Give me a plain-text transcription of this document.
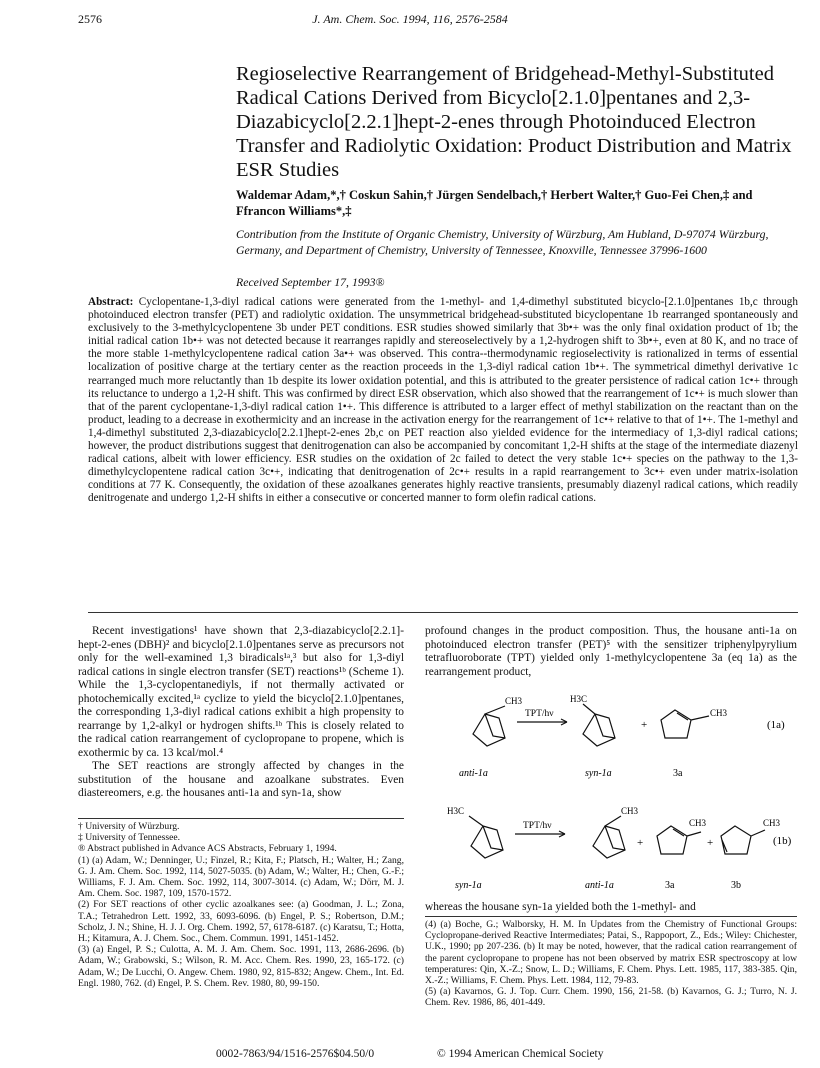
2576	J. Am. Chem. Soc. 1994, 116, 2576-2584
Regioselective Rearrangement of Bridgehead-Methyl-Substituted Radical Cations Derived from Bicyclo[2.1.0]pentanes and 2,3-Diazabicyclo[2.2.1]hept-2-enes through Photoinduced Electron Transfer and Radiolytic Oxidation: Product Distribution and Matrix ESR Studies
Waldemar Adam,*,† Coskun Sahin,† Jürgen Sendelbach,† Herbert Walter,† Guo-Fei Chen,‡ and Ffrancon Williams*,‡
Contribution from the Institute of Organic Chemistry, University of Würzburg, Am Hubland, D-97074 Würzburg, Germany, and Department of Chemistry, University of Tennessee, Knoxville, Tennessee 37996-1600
Received September 17, 1993®
Abstract: Cyclopentane-1,3-diyl radical cations were generated from the 1-methyl- and 1,4-dimethyl substituted bicyclo-[2.1.0]pentanes 1b,c through photoinduced electron transfer (PET) and radiolytic oxidation. The unsymmetrical bridgehead-substituted bicyclopentane 1b rearranged spontaneously and exclusively to the 3-methylcyclopentene 3b under PET conditions. ESR studies showed similarly that 3b•+ was the only final oxidation product of 1b; the initial radical cation 1b•+ was not detected because it rearranges rapidly and stereoselectively by a 1,2-hydrogen shift to 3b•+, even at 80 K, and no trace of the more stable 1-methylcyclopentene radical cation 3a•+ was observed. This contra--thermodynamic regioselectivity is rationalized in terms of essential localization of positive charge at the tertiary center as the reaction proceeds in the 1,3-diyl radical cation 1b•+. The symmetrical dimethyl derivative 1c rearranged much more reluctantly than 1b despite its lower oxidation potential, and this is attributed to the greater persistence of radical cation 1c•+ through its reluctance to undergo a 1,2-H shift. This was confirmed by direct ESR observation, which also showed that the rearrangement of 1c•+ is much slower than that of the parent cyclopentane-1,3-diyl radical cation 1•+. This difference is attributed to a larger effect of methyl stabilization on the reactant than on the product, leading to a decrease in exothermicity and an increase in the activation energy for the rearrangement of 1c•+ relative to that of 1•+. The 1-methyl and 1,4-dimethyl substituted 2,3-diazabicyclo[2.2.1]hept-2-enes 2b,c on PET reaction also yielded evidence for the intermediacy of 1,3-diyl radical cations; however, the product distributions suggest that denitrogenation can also be accompanied by concomitant 1,2-H shifts at the stage of the intermediate diazenyl radical cations, albeit with lower efficiency. ESR studies on the oxidation of 2c failed to detect the very stable 1c•+ species on the pathway to the 1,3-dimethylcyclopentene radical cation 3c•+, indicating that denitrogenation of 2c•+ results in a rapid rearrangement to 3c•+ even under matrix-isolation conditions at 77 K. Consequently, the oxidation of these azoalkanes generates highly reactive transients, presumably diazenyl radical cations, which readily denitrogenate and undergo 1,2-H shifts in either a consecutive or concerted manner to form olefin radical cations.

Recent investigations¹ have shown that 2,3-diazabicyclo[2.2.1]-hept-2-enes (DBH)² and bicyclo[2.1.0]pentanes serve as precursors not only for the well-examined 1,3 biradicals¹ᵃ,³ but also for 1,3-diyl radical cations in single electron transfer (SET) reactions¹ᵇ (Scheme 1). While the 1,3-cyclopentanediyls, if not thermally activated or photochemically excited,¹ᵃ cyclize to yield the bicyclo[2.1.0]pentanes, the corresponding 1,3-diyl radical cations exhibit a high propensity to rearrange by 1,2-alkyl or hydrogen shifts.¹ᵇ This is closely related to the radical cation rearrangement of cyclopropane to propene, which is exothermic by ca. 13 kcal/mol.⁴

The SET reactions are strongly affected by changes in the substitution of the housane and azoalkane substrates. Even diastereomers, e.g. the housanes anti-1a and syn-1a, show

† University of Würzburg.

‡ University of Tennessee.

® Abstract published in Advance ACS Abstracts, February 1, 1994.

(1) (a) Adam, W.; Denninger, U.; Finzel, R.; Kita, F.; Platsch, H.; Walter, H.; Zang, G. J. Am. Chem. Soc. 1992, 114, 5027-5035. (b) Adam, W.; Walter, H.; Chen, G.-F.; Williams, F. J. Am. Chem. Soc. 1992, 114, 3007-3014. (c) Adam, W.; Dörr, M. J. Am. Chem. Soc. 1987, 109, 1570-1572.

(2) For SET reactions of other cyclic azoalkanes see: (a) Goodman, J. L.; Zona, T.A.; Tetrahedron Lett. 1992, 33, 6093-6096. (b) Engel, P. S.; Robertson, D.M.; Scholz, J. N.; Shine, H. J. J. Org. Chem. 1992, 57, 6178-6187. (c) Karatsu, T.; Hotta, H.; Kitamura, A. J. Chem. Soc., Chem. Commun. 1991, 1451-1452.

(3) (a) Engel, P. S.; Culotta, A. M. J. Am. Chem. Soc. 1991, 113, 2686-2696. (b) Adam, W.; Grabowski, S.; Wilson, R. M. Acc. Chem. Res. 1990, 23, 165-172. (c) Adam, W.; De Lucchi, O. Angew. Chem. 1980, 92, 815-832; Angew. Chem., Int. Ed. Engl. 1980, 762. (d) Engel, P. S. Chem. Rev. 1980, 80, 99-150.

profound changes in the product composition. Thus, the housane anti-1a on photoinduced electron transfer (PET)⁵ with the sensitizer triphenylpyrylium tetrafluoroborate (TPT) yielded only 1-methylcyclopentene 3a (eq 1a) as the rearrangement product,
CH3
TPT/hν
H3C
+
CH3
(1a)
anti-1a	syn-1a	3a
H3C
TPT/hν
CH3
+
CH3
+
CH3
(1b)
syn-1a	anti-1a	3a	3b
whereas the housane syn-1a yielded both the 1-methyl- and

(4) (a) Boche, G.; Walborsky, H. M. In Updates from the Chemistry of Functional Groups: Cyclopropane-derived Reactive Intermediates; Patai, S., Rappoport, Z., Eds.; Wiley: Chichester, U.K., 1990; pp 207-236. (b) It may be noted, however, that the radical cation rearrangement of the parent cyclopropane to propene has not been observed by matrix ESR spectroscopy at low temperatures: Qin, X.-Z.; Snow, L. D.; Williams, F. Chem. Phys. Lett. 1985, 117, 383-385. Qin, X.-Z.; Williams, F. Chem. Phys. Lett. 1984, 112, 79-83.

(5) (a) Kavarnos, G. J. Top. Curr. Chem. 1990, 156, 21-58. (b) Kavarnos, G. J.; Turro, N. J. Chem. Rev. 1986, 86, 401-449.

0002-7863/94/1516-2576$04.50/0	© 1994 American Chemical Society
